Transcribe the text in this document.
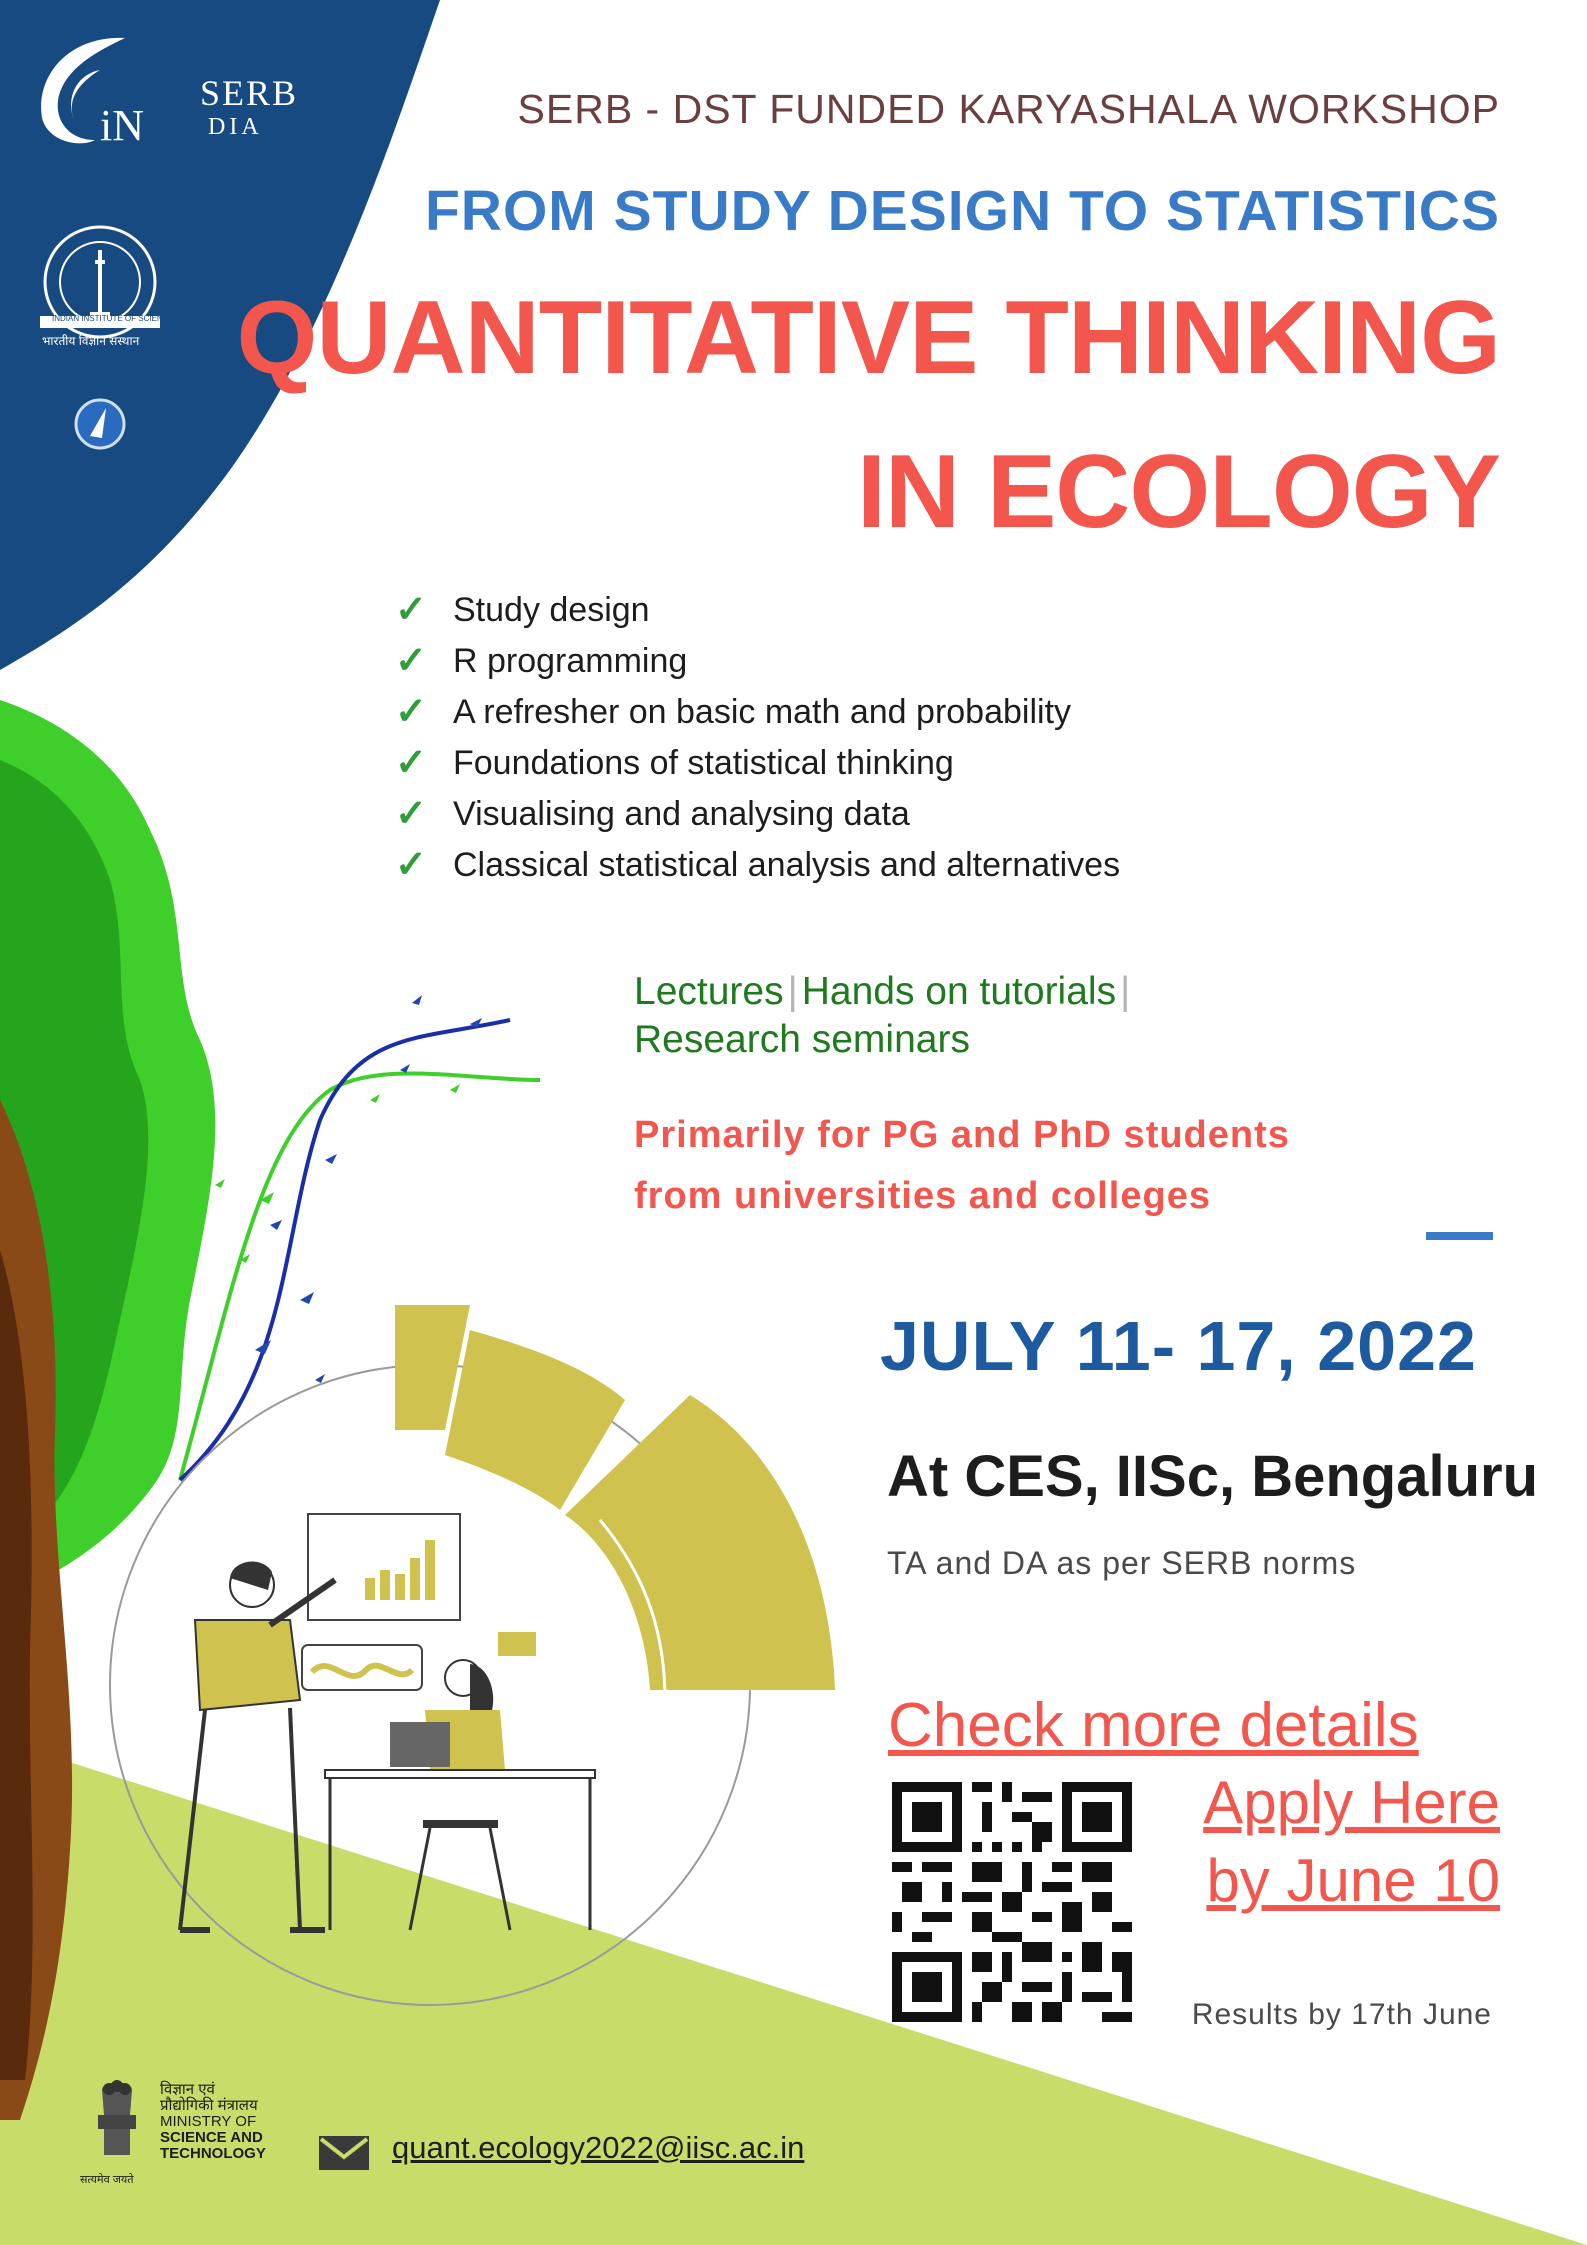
iN
SERB
DIA
INDIAN INSTITUTE OF SCIENCE
भारतीय विज्ञान संस्थान
SERB - DST FUNDED KARYASHALA WORKSHOP
FROM STUDY DESIGN TO STATISTICS
QUANTITATIVE THINKING
IN ECOLOGY
✓ Study design
✓ R programming
✓ A refresher on basic math and probability
✓ Foundations of statistical thinking
✓ Visualising and analysing data
✓ Classical statistical analysis and alternatives
Lectures | Hands on tutorials |
Research seminars
Primarily for PG and PhD students
from universities and colleges
JULY 11- 17, 2022
At CES, IISc, Bengaluru
TA and DA as per SERB norms
Check more details
Apply Here
by June 10
Results by 17th June
सत्यमेव जयते
विज्ञान एवं
प्रौद्योगिकी मंत्रालय
MINISTRY OF
SCIENCE AND
TECHNOLOGY	quant.ecology2022@iisc.ac.in
